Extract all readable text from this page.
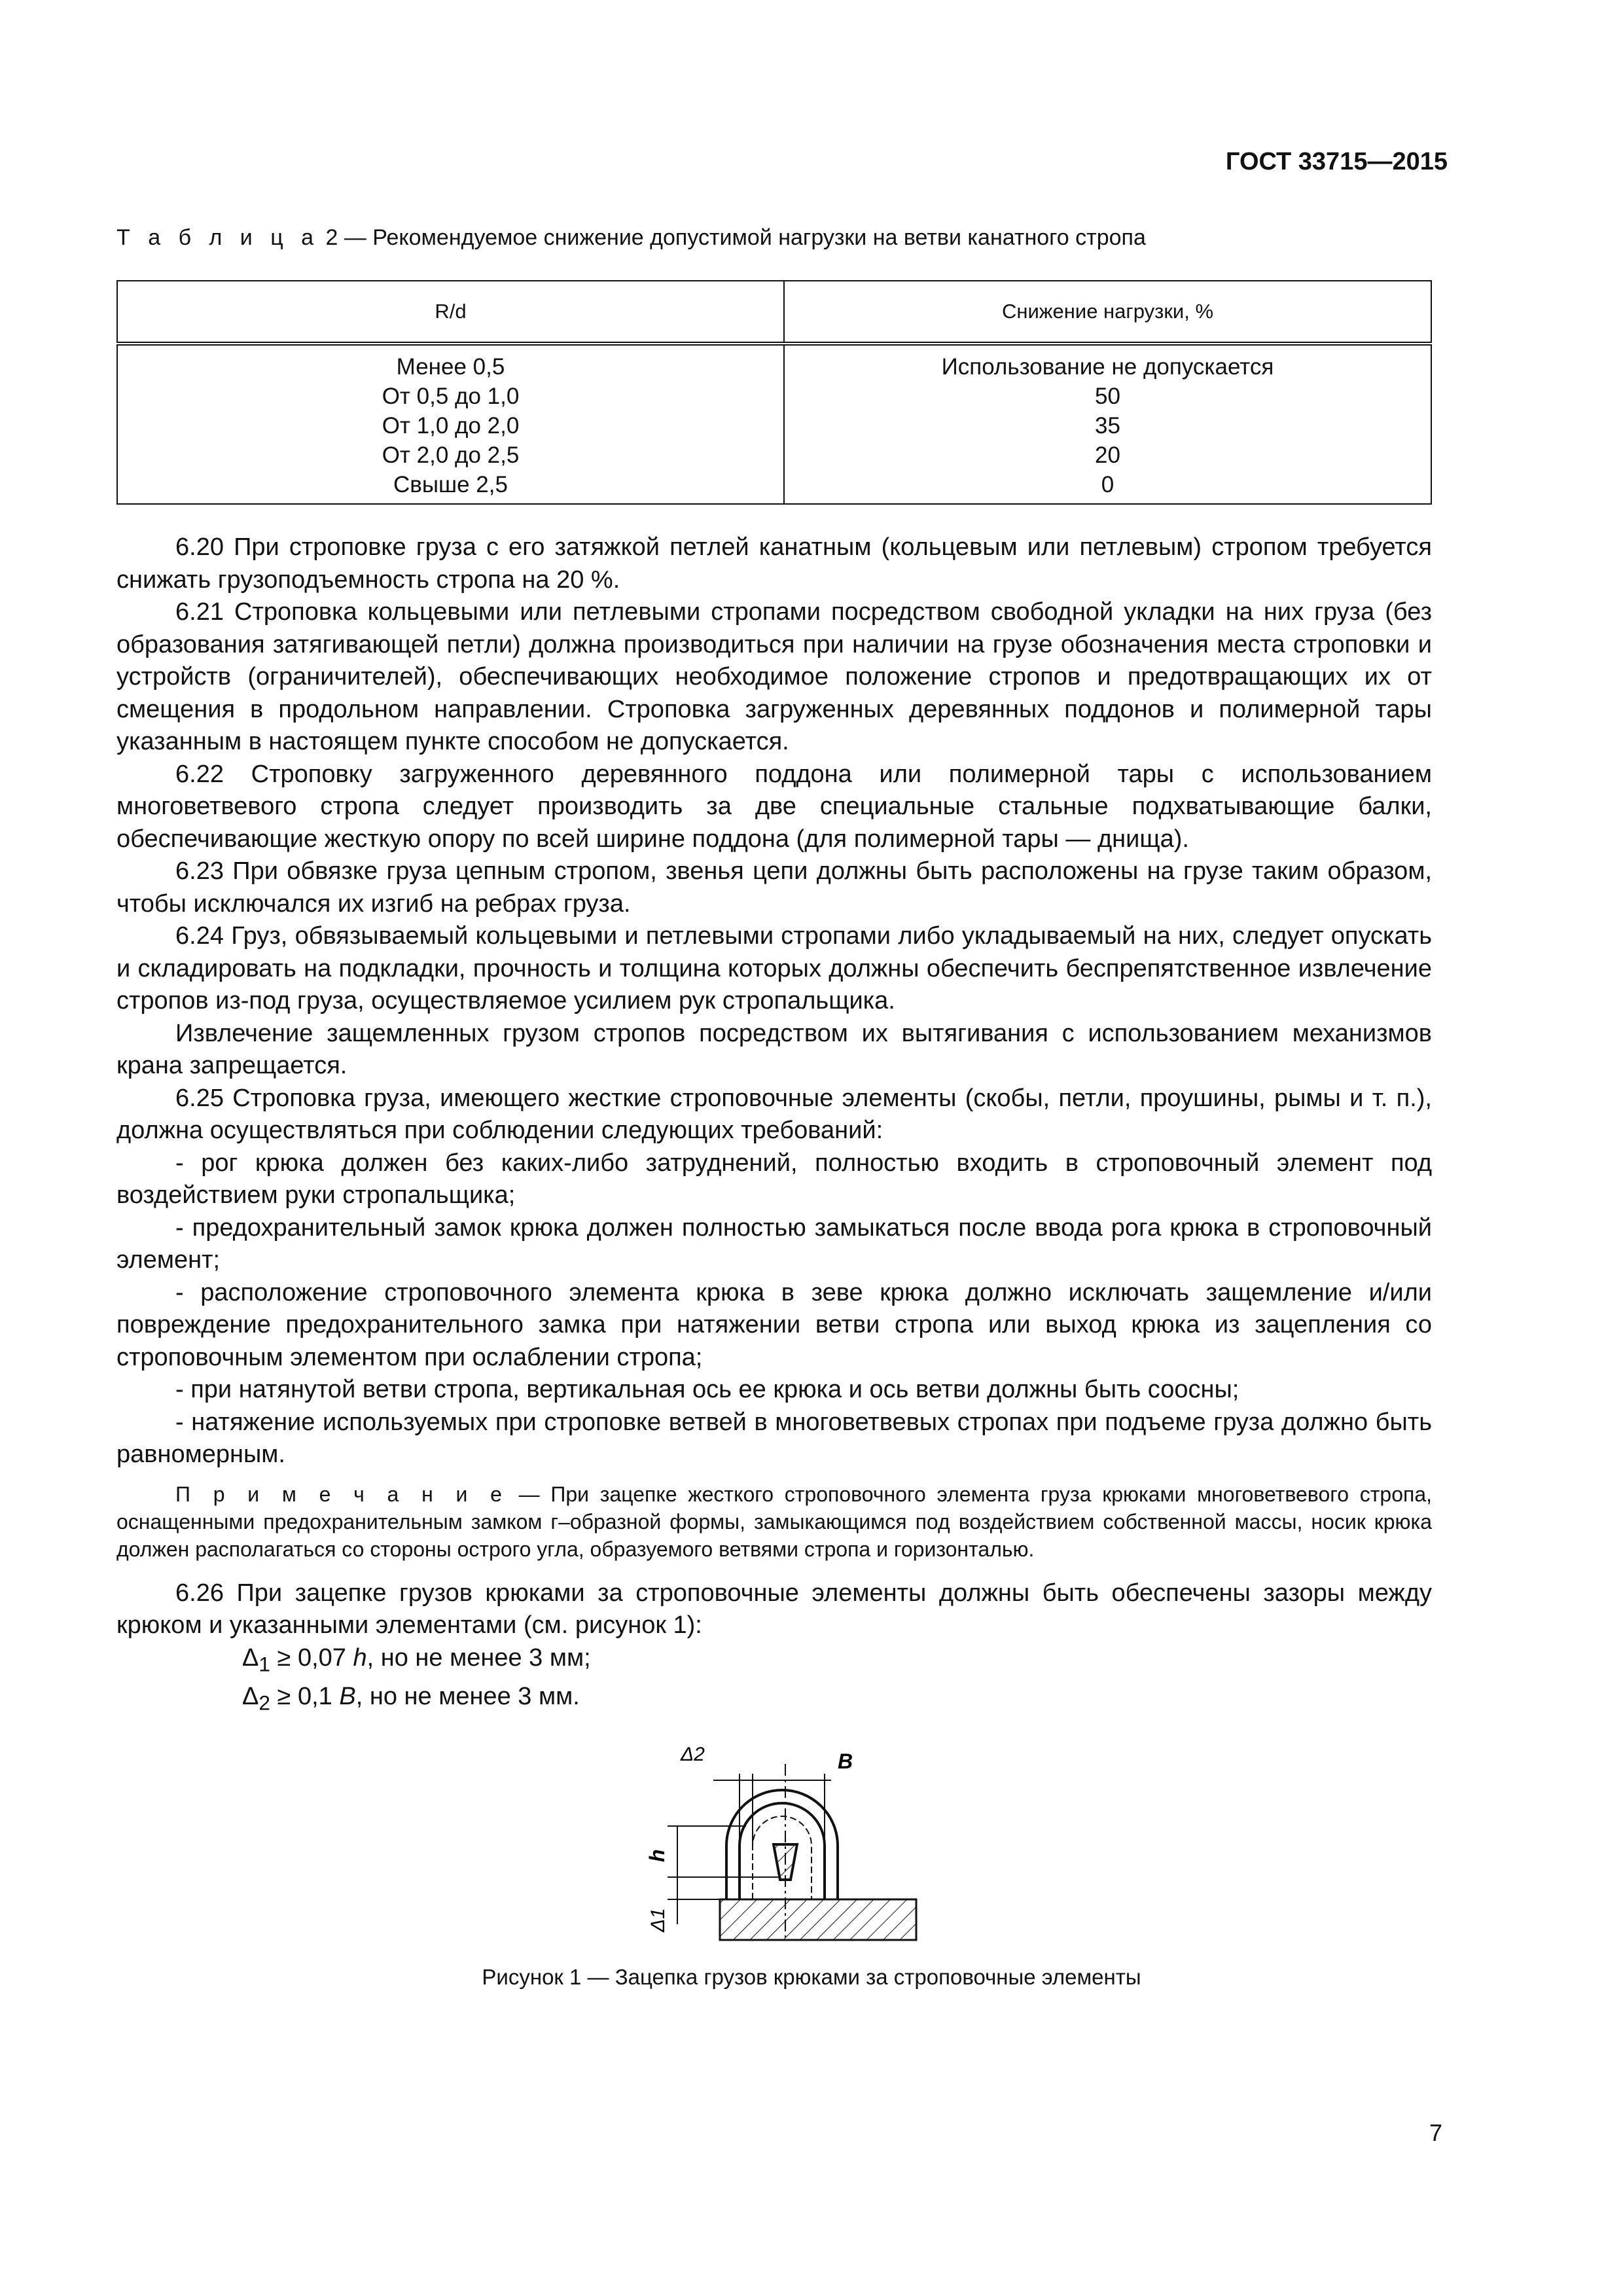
ГОСТ 33715—2015
Т а б л и ц а 2 — Рекомендуемое снижение допустимой нагрузки на ветви канатного стропа
R/d	Снижение нагрузки, %
Менее 0,5	Использование не допускается
От 0,5 до 1,0	50
От 1,0 до 2,0	35
От 2,0 до 2,5	20
Свыше 2,5	0

6.20 При строповке груза с его затяжкой петлей канатным (кольцевым или петлевым) стропом требуется снижать грузоподъемность стропа на 20 %.

6.21 Строповка кольцевыми или петлевыми стропами посредством свободной укладки на них груза (без образования затягивающей петли) должна производиться при наличии на грузе обозначения места строповки и устройств (ограничителей), обеспечивающих необходимое положение стропов и предотвращающих их от смещения в продольном направлении. Строповка загруженных деревянных поддонов и полимерной тары указанным в настоящем пункте способом не допускается.

6.22 Строповку загруженного деревянного поддона или полимерной тары с использованием многоветвевого стропа следует производить за две специальные стальные подхватывающие балки, обеспечивающие жесткую опору по всей ширине поддона (для полимерной тары — днища).

6.23 При обвязке груза цепным стропом, звенья цепи должны быть расположены на грузе таким образом, чтобы исключался их изгиб на ребрах груза.

6.24 Груз, обвязываемый кольцевыми и петлевыми стропами либо укладываемый на них, следует опускать и складировать на подкладки, прочность и толщина которых должны обеспечить беспрепятственное извлечение стропов из-под груза, осуществляемое усилием рук стропальщика.

Извлечение защемленных грузом стропов посредством их вытягивания с использованием механизмов крана запрещается.

6.25 Строповка груза, имеющего жесткие строповочные элементы (скобы, петли, проушины, рымы и т. п.), должна осуществляться при соблюдении следующих требований:

- рог крюка должен без каких-либо затруднений, полностью входить в строповочный элемент под воздействием руки стропальщика;

- предохранительный замок крюка должен полностью замыкаться после ввода рога крюка в строповочный элемент;

- расположение строповочного элемента крюка в зеве крюка должно исключать защемление и/или повреждение предохранительного замка при натяжении ветви стропа или выход крюка из зацепления со строповочным элементом при ослаблении стропа;

- при натянутой ветви стропа, вертикальная ось ее крюка и ось ветви должны быть соосны;

- натяжение используемых при строповке ветвей в многоветвевых стропах при подъеме груза должно быть равномерным.

П р и м е ч а н и е — При зацепке жесткого строповочного элемента груза крюками многоветвевого стропа, оснащенными предохранительным замком г–образной формы, замыкающимся под воздействием собственной массы, носик крюка должен располагаться со стороны острого угла, образуемого ветвями стропа и горизонталью.

6.26 При зацепке грузов крюками за строповочные элементы должны быть обеспечены зазоры между крюком и указанными элементами (см. рисунок 1):

$\Delta_1 \ge 0,07$ h, но не менее 3 мм;

$\Delta_2 \ge 0,1$ B, но не менее 3 мм.

Δ2	B
h
Δ1
Рисунок 1 — Зацепка грузов крюками за строповочные элементы
7
